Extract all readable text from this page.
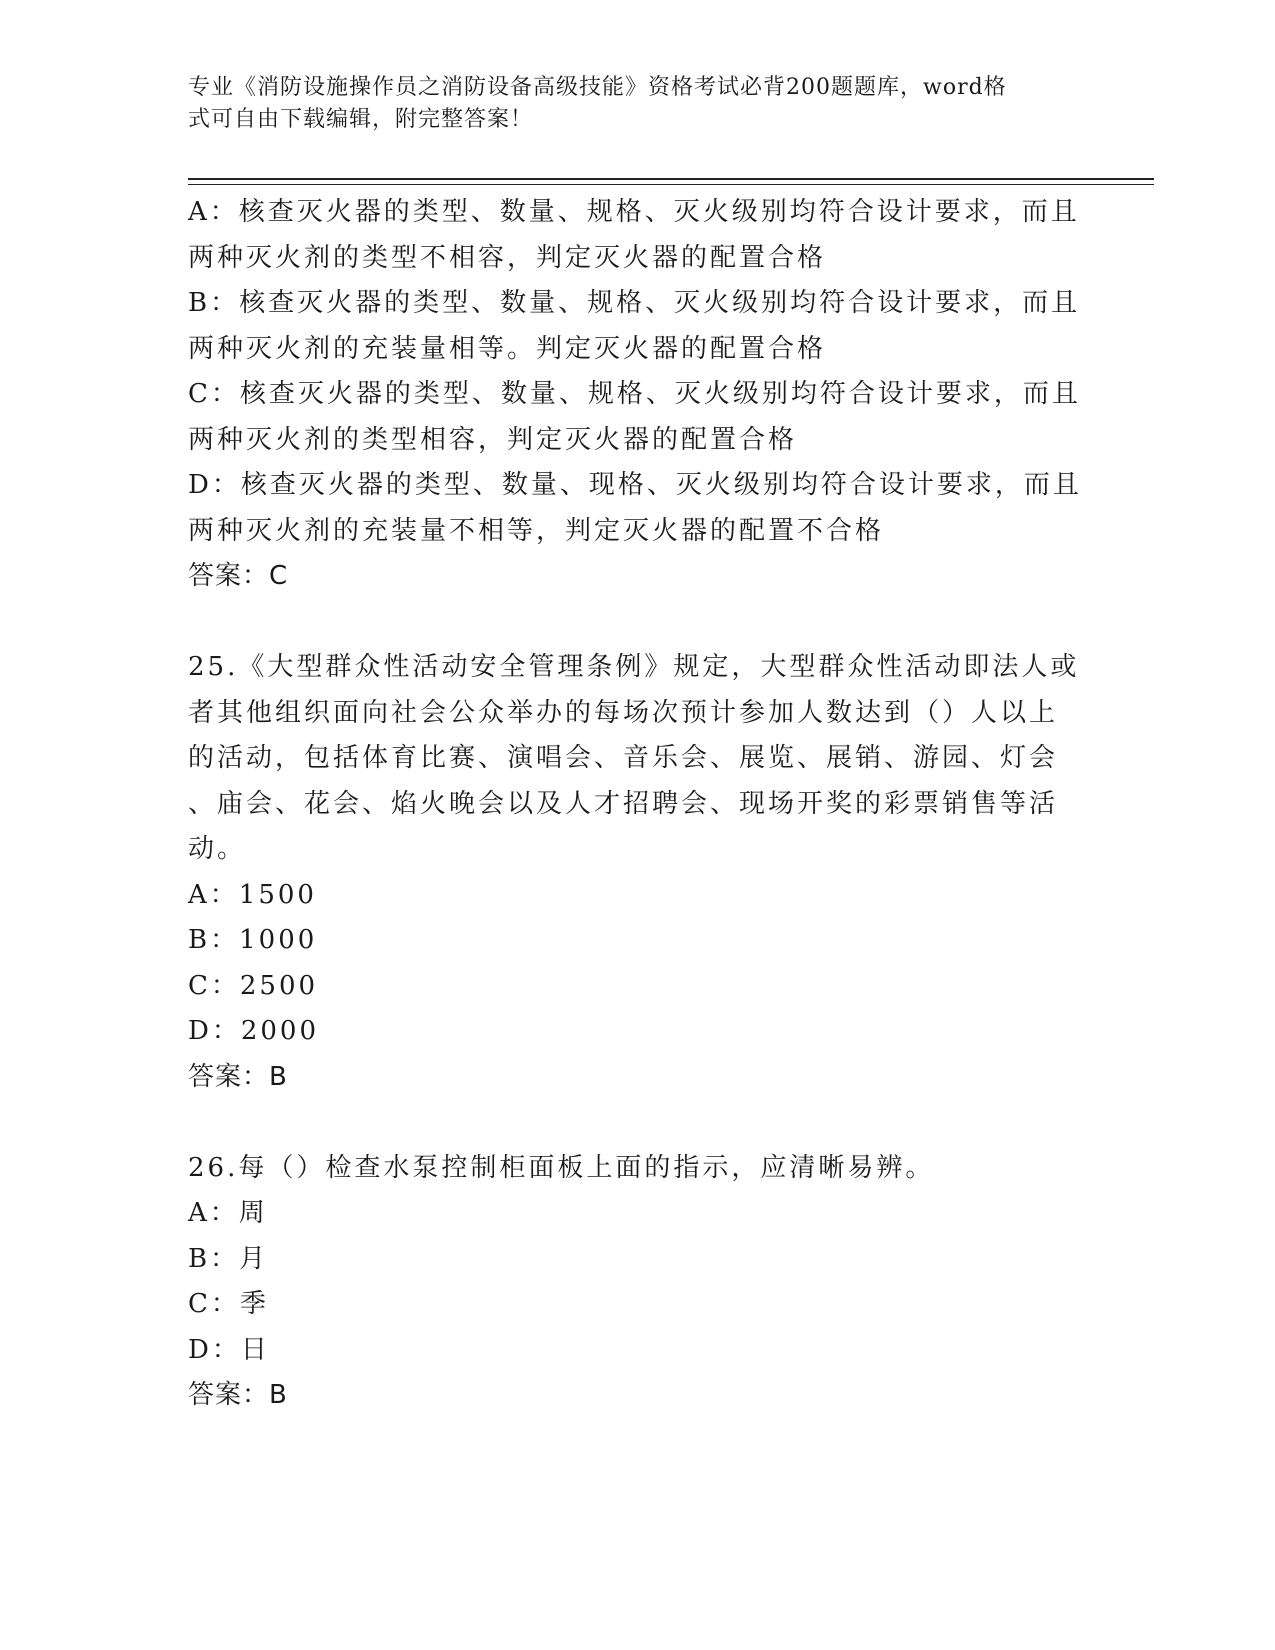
专业《消防设施操作员之消防设备高级技能》资格考试必背200题题库，word格
式可自由下载编辑，附完整答案！
A：核查灭火器的类型、数量、规格、灭火级别均符合设计要求，而且
两种灭火剂的类型不相容，判定灭火器的配置合格
B：核查灭火器的类型、数量、规格、灭火级别均符合设计要求，而且
两种灭火剂的充装量相等。判定灭火器的配置合格
C：核查灭火器的类型、数量、规格、灭火级别均符合设计要求，而且
两种灭火剂的类型相容，判定灭火器的配置合格
D：核查灭火器的类型、数量、现格、灭火级别均符合设计要求，而且
两种灭火剂的充装量不相等，判定灭火器的配置不合格
答案：C
25.《大型群众性活动安全管理条例》规定，大型群众性活动即法人或
者其他组织面向社会公众举办的每场次预计参加人数达到（）人以上
的活动，包括体育比赛、演唱会、音乐会、展览、展销、游园、灯会
、庙会、花会、焰火晚会以及人才招聘会、现场开奖的彩票销售等活
动。
A：1500
B：1000
C：2500
D：2000
答案：B
26.每（）检查水泵控制柜面板上面的指示，应清晰易辨。
A：周
B：月
C：季
D：日
答案：B
